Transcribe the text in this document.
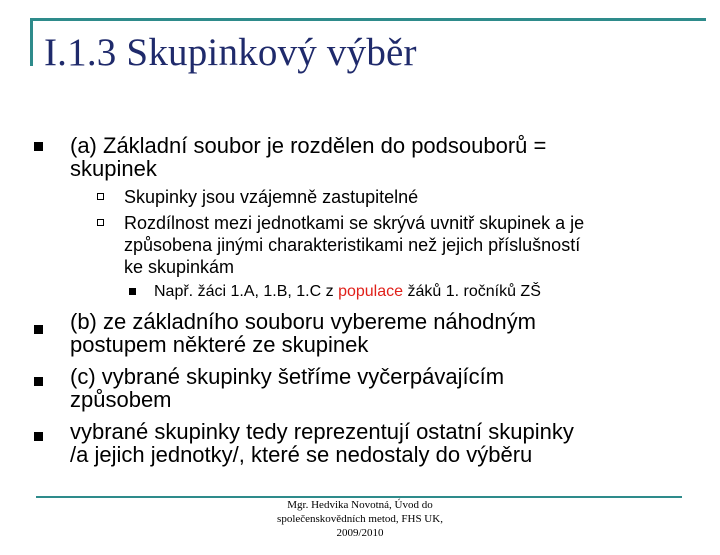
I.1.3 Skupinkový výběr
(a) Základní soubor je rozdělen do podsouborů =
skupinek
Skupinky jsou vzájemně zastupitelné
Rozdílnost mezi jednotkami se skrývá uvnitř skupinek a je
způsobena jinými charakteristikami než jejich příslušností
ke skupinkám
Např. žáci 1.A, 1.B, 1.C z populace žáků 1. ročníků ZŠ
(b) ze základního souboru vybereme náhodným
postupem některé ze skupinek
(c) vybrané skupinky šetříme vyčerpávajícím
způsobem
vybrané skupinky tedy reprezentují ostatní skupinky
/a jejich jednotky/, které se nedostaly do výběru
Mgr. Hedvika Novotná, Úvod do
společenskovědních metod, FHS UK,
2009/2010
